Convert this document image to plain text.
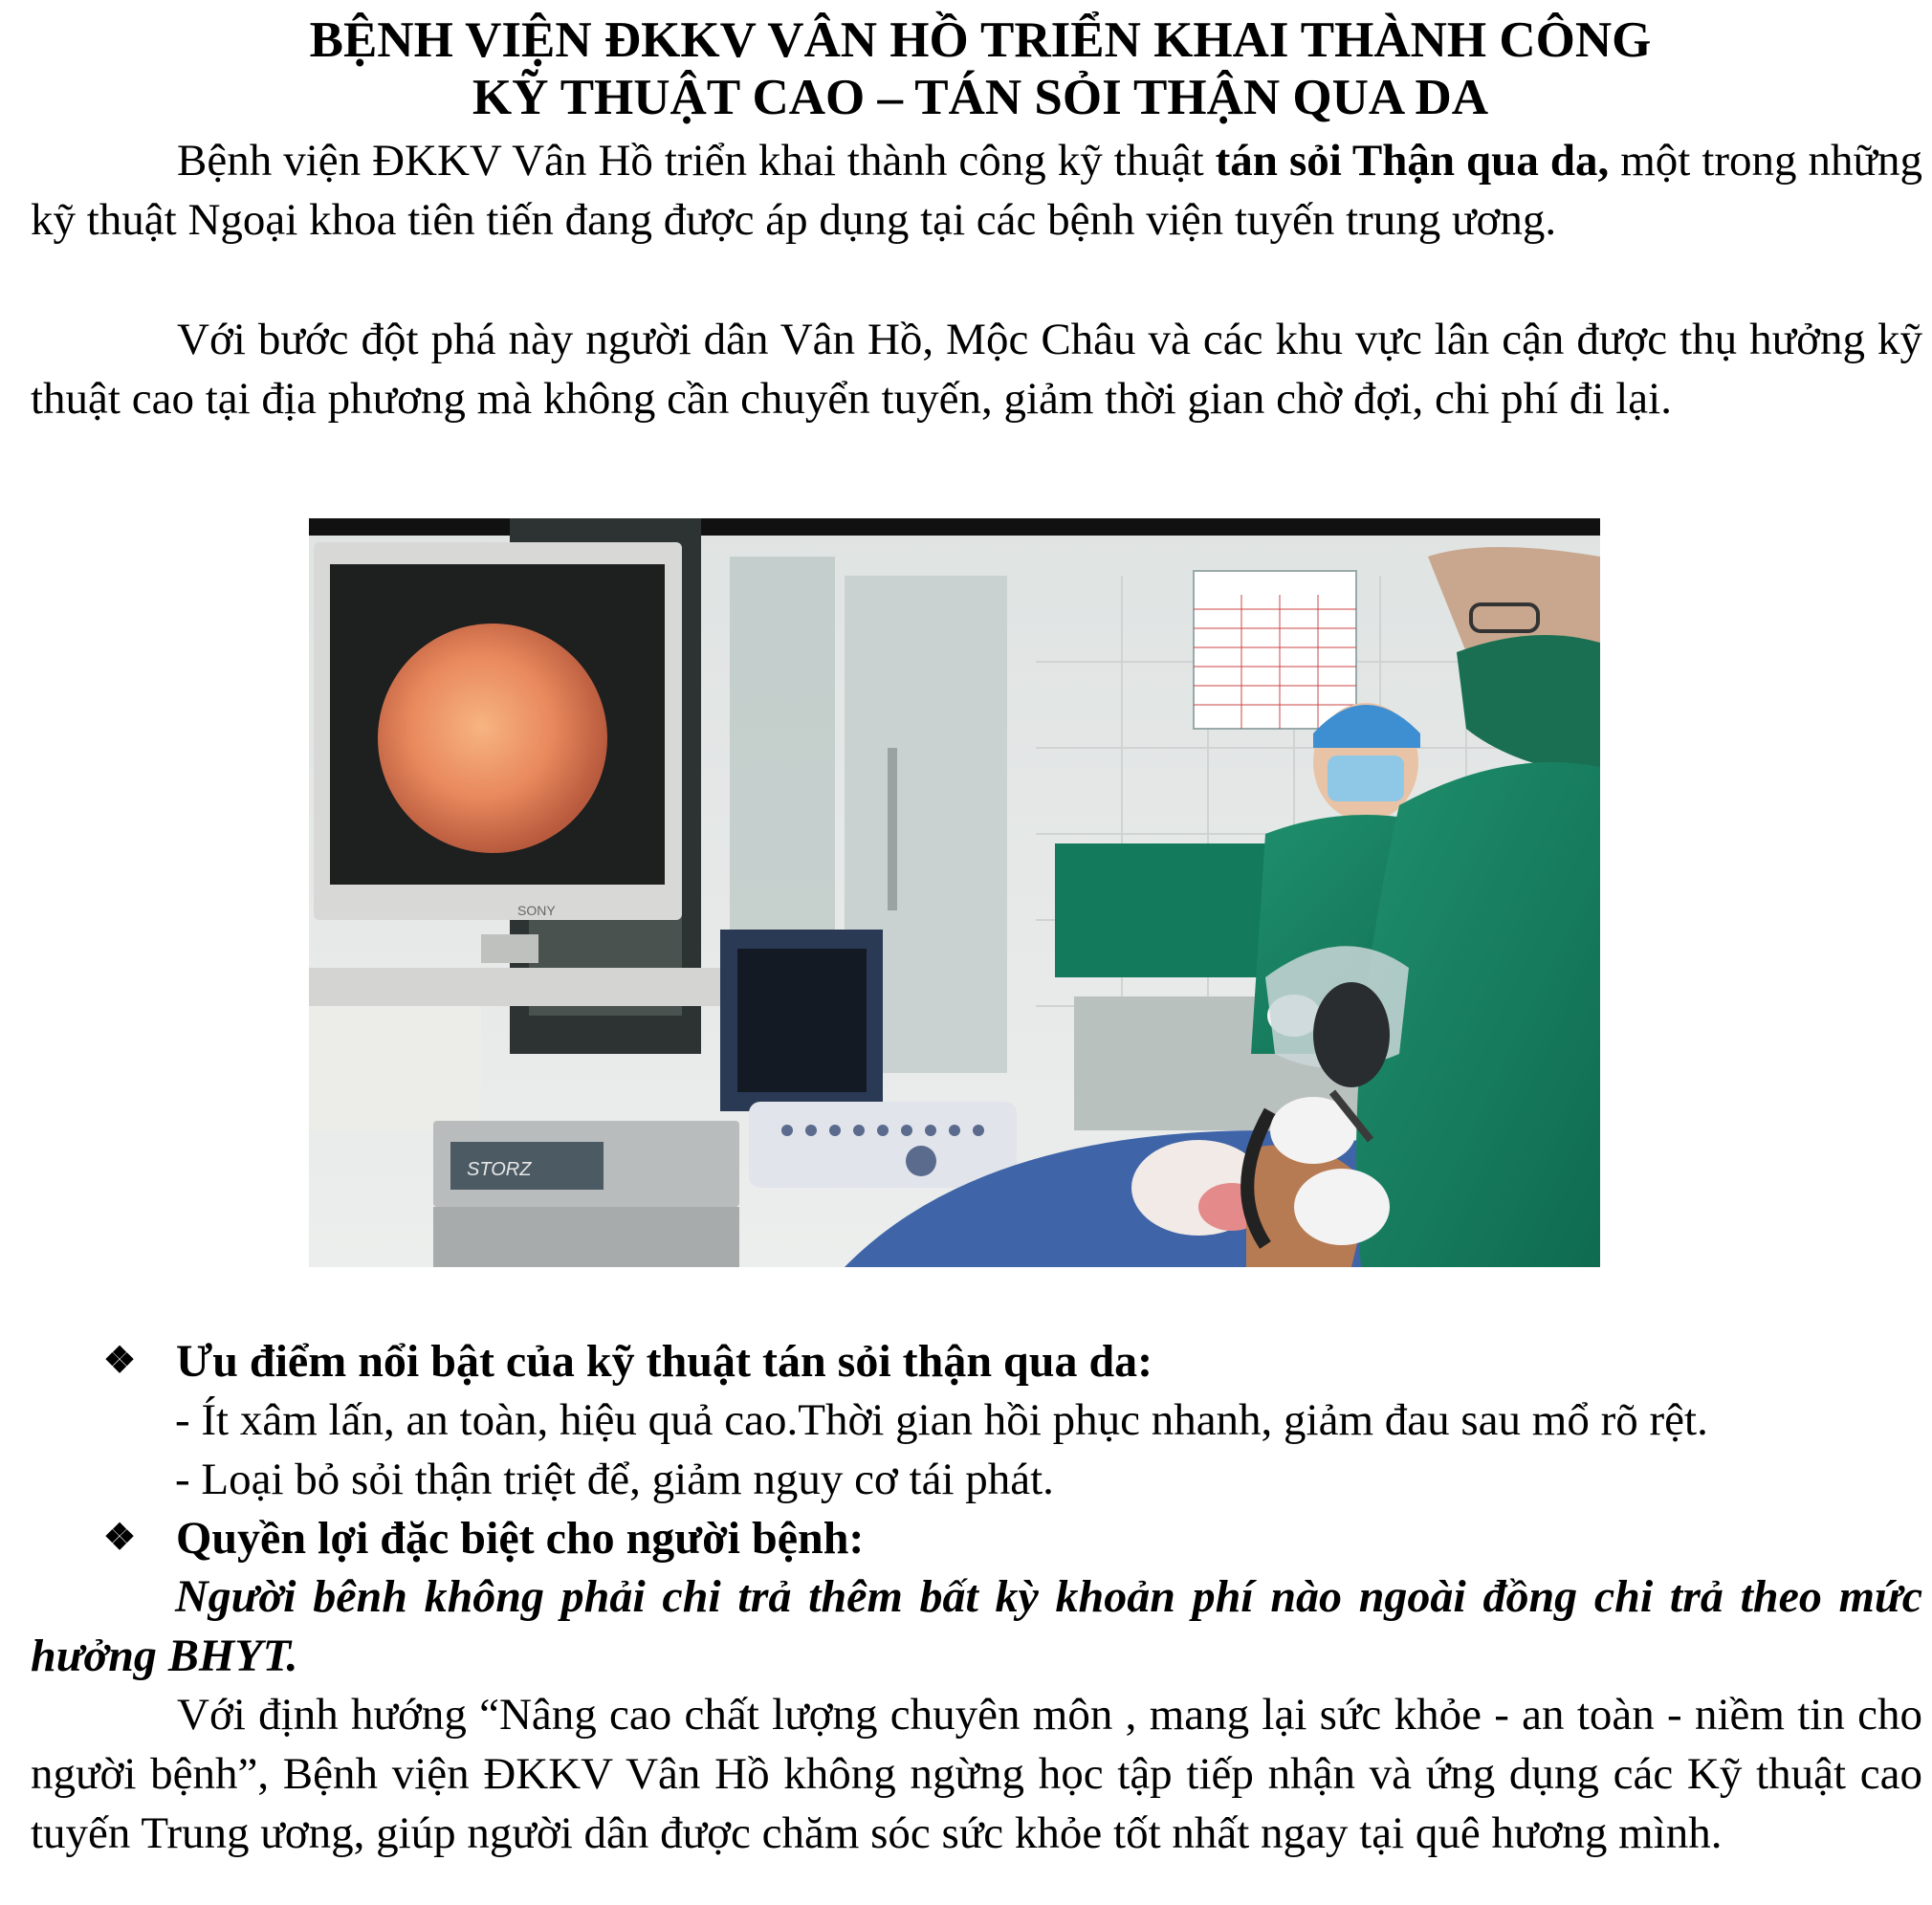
BỆNH VIỆN ĐKKV VÂN HỒ TRIỂN KHAI THÀNH CÔNG
KỸ THUẬT CAO – TÁN SỎI THẬN QUA DA

Bệnh viện ĐKKV Vân Hồ triển khai thành công kỹ thuật tán sỏi Thận qua da, một trong những kỹ thuật Ngoại khoa tiên tiến đang được áp dụng tại các bệnh viện tuyến trung ương.

Với bước đột phá này người dân Vân Hồ, Mộc Châu và các khu vực lân cận được thụ hưởng kỹ thuật cao tại địa phương mà không cần chuyển tuyến, giảm thời gian chờ đợi, chi phí đi lại.

SONY
STORZ
❖ Ưu điểm nổi bật của kỹ thuật tán sỏi thận qua da:
- Ít xâm lấn, an toàn, hiệu quả cao.Thời gian hồi phục nhanh, giảm đau sau mổ rõ rệt.
- Loại bỏ sỏi thận triệt để, giảm nguy cơ tái phát.
❖ Quyền lợi đặc biệt cho người bệnh:

Người bênh không phải chi trả thêm bất kỳ khoản phí nào ngoài đồng chi trả theo mức hưởng BHYT.

Với định hướng “Nâng cao chất lượng chuyên môn , mang lại sức khỏe - an toàn - niềm tin cho người bệnh”, Bệnh viện ĐKKV Vân Hồ không ngừng học tập tiếp nhận và ứng dụng các Kỹ thuật cao tuyến Trung ương, giúp người dân được chăm sóc sức khỏe tốt nhất ngay tại quê hương mình.
